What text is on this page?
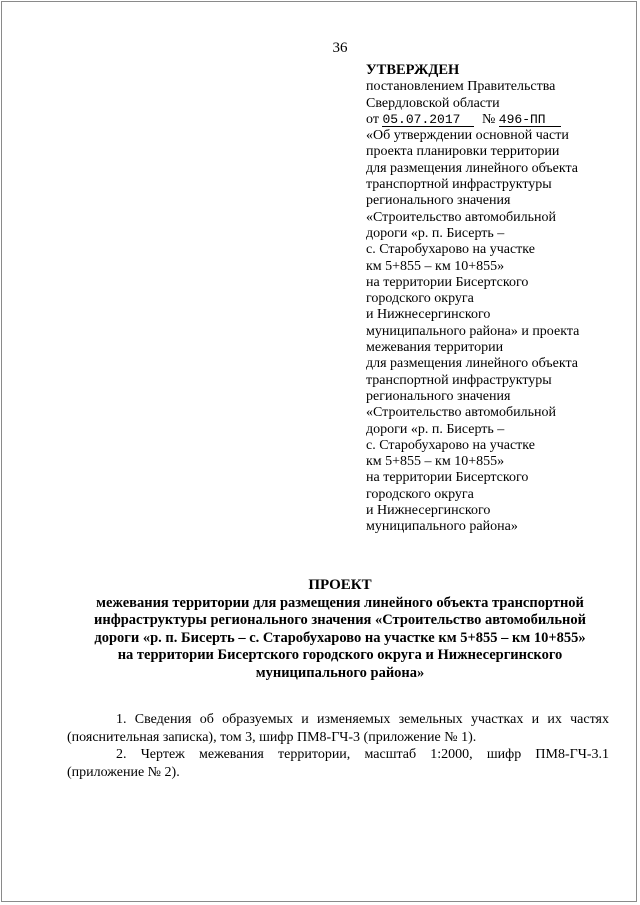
36
УТВЕРЖДЕН
постановлением Правительства
Свердловской области
от 05.07.2017 № 496-ПП
«Об утверждении основной части
проекта планировки территории
для размещения линейного объекта
транспортной инфраструктуры
регионального значения
«Строительство автомобильной
дороги «р. п. Бисерть –
с. Старобухарово на участке
км 5+855 – км 10+855»
на территории Бисертского
городского округа
и Нижнесергинского
муниципального района» и проекта
межевания территории
для размещения линейного объекта
транспортной инфраструктуры
регионального значения
«Строительство автомобильной
дороги «р. п. Бисерть –
с. Старобухарово на участке
км 5+855 – км 10+855»
на территории Бисертского
городского округа
и Нижнесергинского
муниципального района»
ПРОЕКТ
межевания территории для размещения линейного объекта транспортной
инфраструктуры регионального значения «Строительство автомобильной
дороги «р. п. Бисерть – с. Старобухарово на участке км 5+855 – км 10+855»
на территории Бисертского городского округа и Нижнесергинского
муниципального района»

1. Сведения об образуемых и изменяемых земельных участках и их частях (пояснительная записка), том 3, шифр ПМ8-ГЧ-3 (приложение № 1).

2. Чертеж межевания территории, масштаб 1:2000, шифр ПМ8-ГЧ-3.1 (приложение № 2).
